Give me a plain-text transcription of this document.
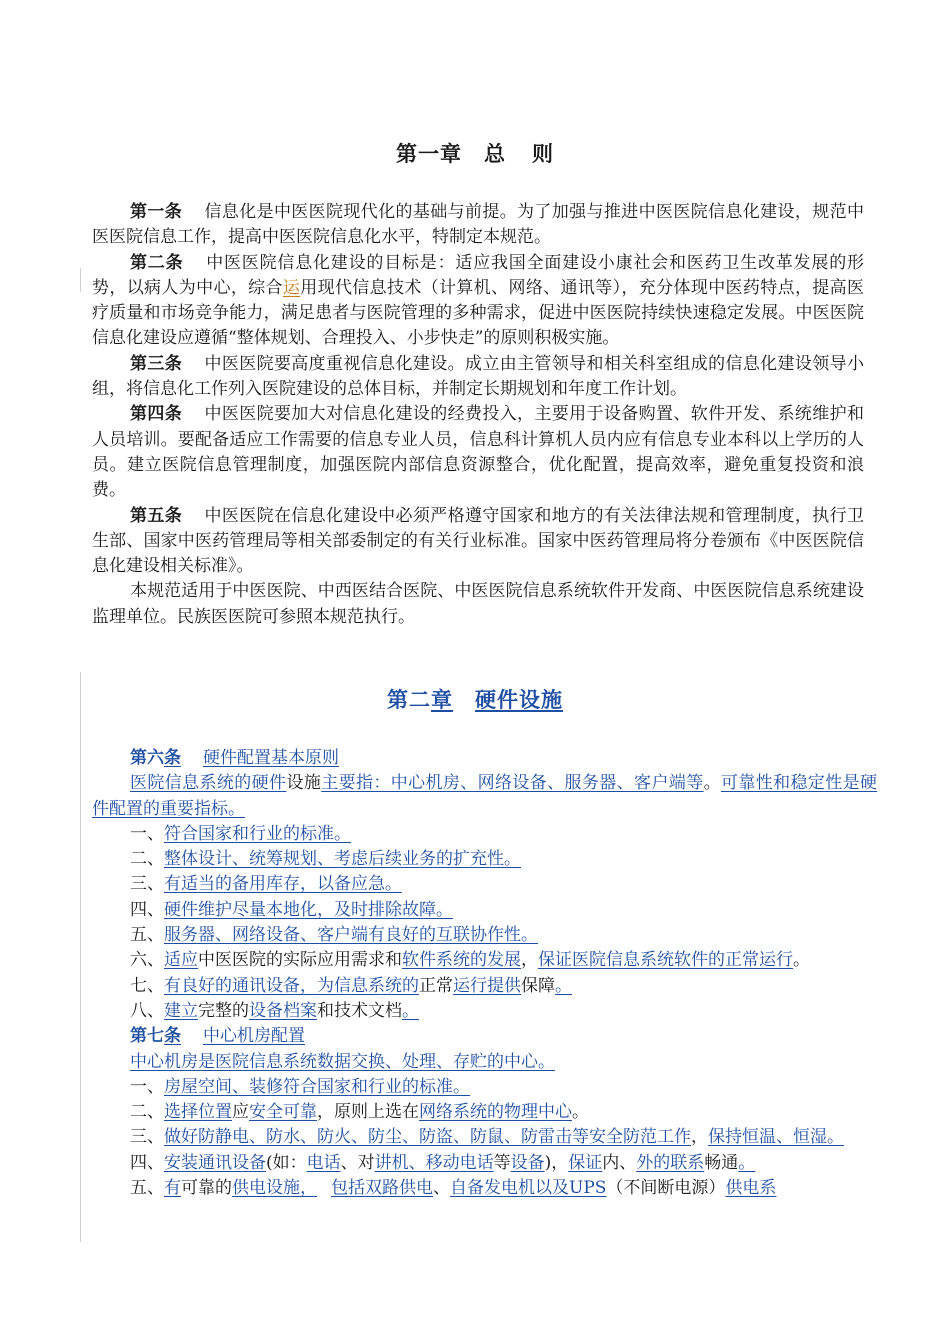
第一章 总 则

第一条 信息化是中医医院现代化的基础与前提。为了加强与推进中医医院信息化建设，规范中医医院信息工作，提高中医医院信息化水平，特制定本规范。

第二条 中医医院信息化建设的目标是：适应我国全面建设小康社会和医药卫生改革发展的形势，以病人为中心，综合运用现代信息技术（计算机、网络、通讯等），充分体现中医药特点，提高医疗质量和市场竞争能力，满足患者与医院管理的多种需求，促进中医医院持续快速稳定发展。中医医院信息化建设应遵循“整体规划、合理投入、小步快走”的原则积极实施。

第三条 中医医院要高度重视信息化建设。成立由主管领导和相关科室组成的信息化建设领导小组，将信息化工作列入医院建设的总体目标，并制定长期规划和年度工作计划。

第四条 中医医院要加大对信息化建设的经费投入，主要用于设备购置、软件开发、系统维护和人员培训。要配备适应工作需要的信息专业人员，信息科计算机人员内应有信息专业本科以上学历的人员。建立医院信息管理制度，加强医院内部信息资源整合，优化配置，提高效率，避免重复投资和浪费。

第五条 中医医院在信息化建设中必须严格遵守国家和地方的有关法律法规和管理制度，执行卫生部、国家中医药管理局等相关部委制定的有关行业标准。国家中医药管理局将分卷颁布《中医医院信息化建设相关标准》。

本规范适用于中医医院、中西医结合医院、中医医院信息系统软件开发商、中医医院信息系统建设监理单位。民族医医院可参照本规范执行。

第二章 硬件设施

第六条 硬件配置基本原则

医院信息系统的硬件设施主要指：中心机房、网络设备、服务器、客户端等。可靠性和稳定性是硬件配置的重要指标。

一、符合国家和行业的标准。

二、整体设计、统筹规划、考虑后续业务的扩充性。

三、有适当的备用库存，以备应急。

四、硬件维护尽量本地化，及时排除故障。

五、服务器、网络设备、客户端有良好的互联协作性。

六、适应中医医院的实际应用需求和软件系统的发展，保证医院信息系统软件的正常运行。

七、有良好的通讯设备，为信息系统的正常运行提供保障。

八、建立完整的设备档案和技术文档。

第七条 中心机房配置

中心机房是医院信息系统数据交换、处理、存贮的中心。

一、房屋空间、装修符合国家和行业的标准。

二、选择位置应安全可靠，原则上选在网络系统的物理中心。

三、做好防静电、防水、防火、防尘、防盗、防鼠、防雷击等安全防范工作，保持恒温、恒湿。

四、安装通讯设备(如：电话、对讲机、移动电话等设备)，保证内、外的联系畅通。

五、有可靠的供电设施， 包括双路供电、自备发电机以及UPS（不间断电源）供电系
